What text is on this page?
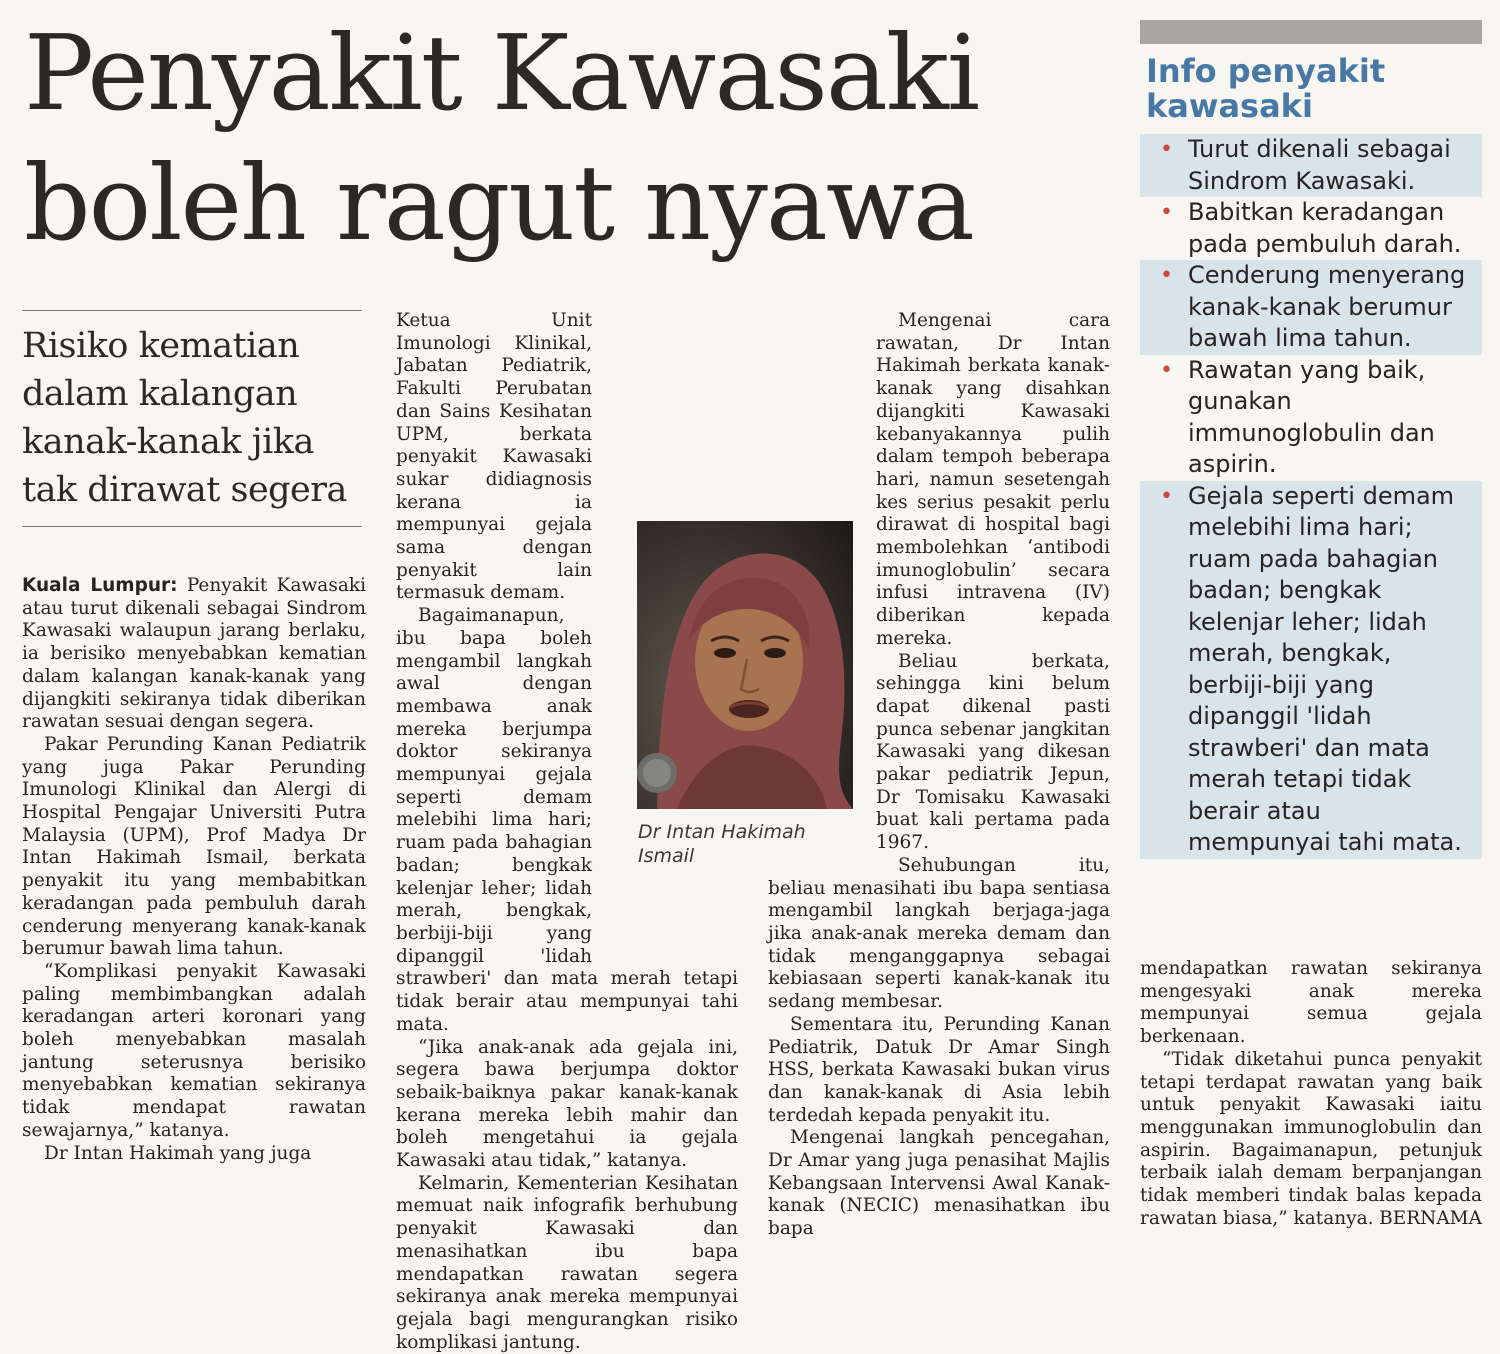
Penyakit Kawasaki
boleh ragut nyawa
Info penyakit kawasaki
• Turut dikenali sebagai Sindrom Kawasaki.
• Babitkan keradangan pada pembuluh darah.
• Cenderung menyerang kanak-kanak berumur bawah lima tahun.
• Rawatan yang baik, gunakan immunoglobulin dan aspirin.
• Gejala seperti demam melebihi lima hari; ruam pada bahagian badan; bengkak kelenjar leher; lidah merah, bengkak, berbiji-biji yang dipanggil 'lidah strawberi' dan mata merah tetapi tidak berair atau mempunyai tahi mata.
Risiko kematian dalam kalangan kanak-kanak jika tak dirawat segera

Kuala Lumpur: Penyakit Kawasaki atau turut dikenali sebagai Sindrom Kawasaki walaupun jarang berlaku, ia berisiko menyebabkan kematian dalam kalangan kanak-kanak yang dijangkiti sekiranya tidak diberikan rawatan sesuai dengan segera.

Pakar Perunding Kanan Pediatrik yang juga Pakar Perunding Imunologi Klinikal dan Alergi di Hospital Pengajar Universiti Putra Malaysia (UPM), Prof Madya Dr Intan Hakimah Ismail, berkata penyakit itu yang membabitkan keradangan pada pembuluh darah cenderung menyerang kanak-kanak berumur bawah lima tahun.

“Komplikasi penyakit Kawasaki paling membimbangkan adalah keradangan arteri koronari yang boleh menyebabkan masalah jantung seterusnya berisiko menyebabkan kematian sekiranya tidak mendapat rawatan sewajarnya,” katanya.

Dr Intan Hakimah yang juga

Ketua Unit Imunologi Klinikal, Jabatan Pediatrik, Fakulti Perubatan dan Sains Kesihatan UPM, berkata penyakit Kawasaki sukar didiagnosis kerana ia mempunyai gejala sama dengan penyakit lain termasuk demam.

Bagaimanapun, ibu bapa boleh mengambil langkah awal dengan membawa anak mereka berjumpa doktor sekiranya mempunyai gejala seperti demam melebihi lima hari; ruam pada bahagian badan; bengkak kelenjar leher; lidah merah, bengkak, berbiji-biji yang dipanggil 'lidah strawberi' dan mata merah tetapi tidak berair atau mempunyai tahi mata.

“Jika anak-anak ada gejala ini, segera bawa berjumpa doktor sebaik-baiknya pakar kanak-kanak kerana mereka lebih mahir dan boleh mengetahui ia gejala Kawasaki atau tidak,” katanya.

Kelmarin, Kementerian Kesihatan memuat naik infografik berhubung penyakit Kawasaki dan menasihatkan ibu bapa mendapatkan rawatan segera sekiranya anak mereka mempunyai gejala bagi mengurangkan risiko komplikasi jantung.

Mengenai cara rawatan, Dr Intan Hakimah berkata kanak-kanak yang disahkan dijangkiti Kawasaki kebanyakannya pulih dalam tempoh beberapa hari, namun sesetengah kes serius pesakit perlu dirawat di hospital bagi membolehkan ‘antibodi imunoglobulin’ secara infusi intravena (IV) diberikan kepada mereka.

Beliau berkata, sehingga kini belum dapat dikenal pasti punca sebenar jangkitan Kawasaki yang dikesan pakar pediatrik Jepun, Dr Tomisaku Kawasaki buat kali pertama pada 1967.

Sehubungan itu, beliau menasihati ibu bapa sentiasa mengambil langkah berjaga-jaga jika anak-anak mereka demam dan tidak menganggapnya sebagai kebiasaan seperti kanak-kanak itu sedang membesar.

Sementara itu, Perunding Kanan Pediatrik, Datuk Dr Amar Singh HSS, berkata Kawasaki bukan virus dan kanak-kanak di Asia lebih terdedah kepada penyakit itu.

Mengenai langkah pencegahan, Dr Amar yang juga penasihat Majlis Kebangsaan Intervensi Awal Kanak-kanak (NECIC) menasihatkan ibu bapa

mendapatkan rawatan sekiranya mengesyaki anak mereka mempunyai semua gejala berkenaan.

“Tidak diketahui punca penyakit tetapi terdapat rawatan yang baik untuk penyakit Kawasaki iaitu menggunakan immunoglobulin dan aspirin. Bagaimanapun, petunjuk terbaik ialah demam berpanjangan tidak memberi tindak balas kepada rawatan biasa,” katanya. BERNAMA

Dr Intan Hakimah Ismail
